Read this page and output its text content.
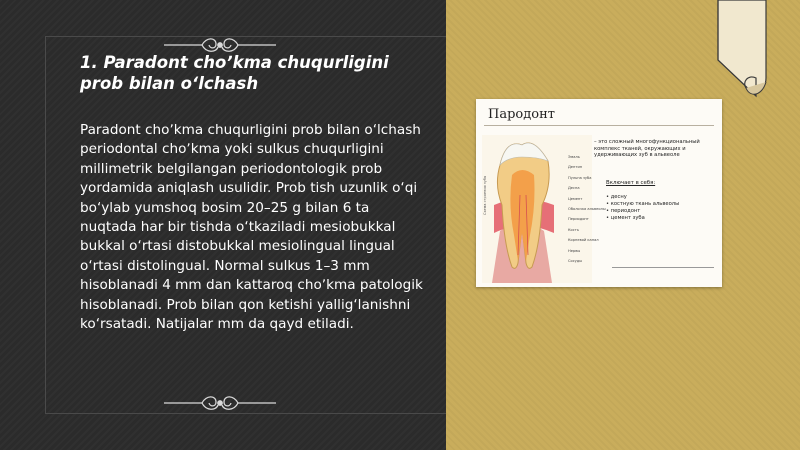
1. Paradont choʼkma chuqurligini prob bilan o‘lchash

Paradont choʼkma chuqurligini prob bilan o‘lchash periodontal choʼkma yoki sulkus chuqurligini millimetrik belgilangan periodontologik prob yordamida aniqlash usulidir. Prob tish uzunlik o‘qi bo‘ylab yumshoq bosim 20–25 g bilan 6 ta nuqtada har bir tishda o‘tkaziladi mesiobukkal bukkal o‘rtasi distobukkal mesiolingual lingual o‘rtasi distolingual. Normal sulkus 1–3 mm hisoblanadi 4 mm dan kattaroq choʼkma patologik hisoblanadi. Prob bilan qon ketishi yallig‘lanishni ko‘rsatadi. Natijalar mm da qayd etiladi.

Пародонт
Схема строения зуба
Эмаль
Дентин
Пульпа зуба
Десна
Цемент
Оболочка альвеолы
Периодонт
Кость
Корневой канал
Нервы
Сосуды

– это сложный многофункциональный комплекс тканей, окружающих и удерживающих зуб в альвеоле

Включает в себя:
• десну
• костную ткань альвеолы
• периодонт
• цемент зуба
